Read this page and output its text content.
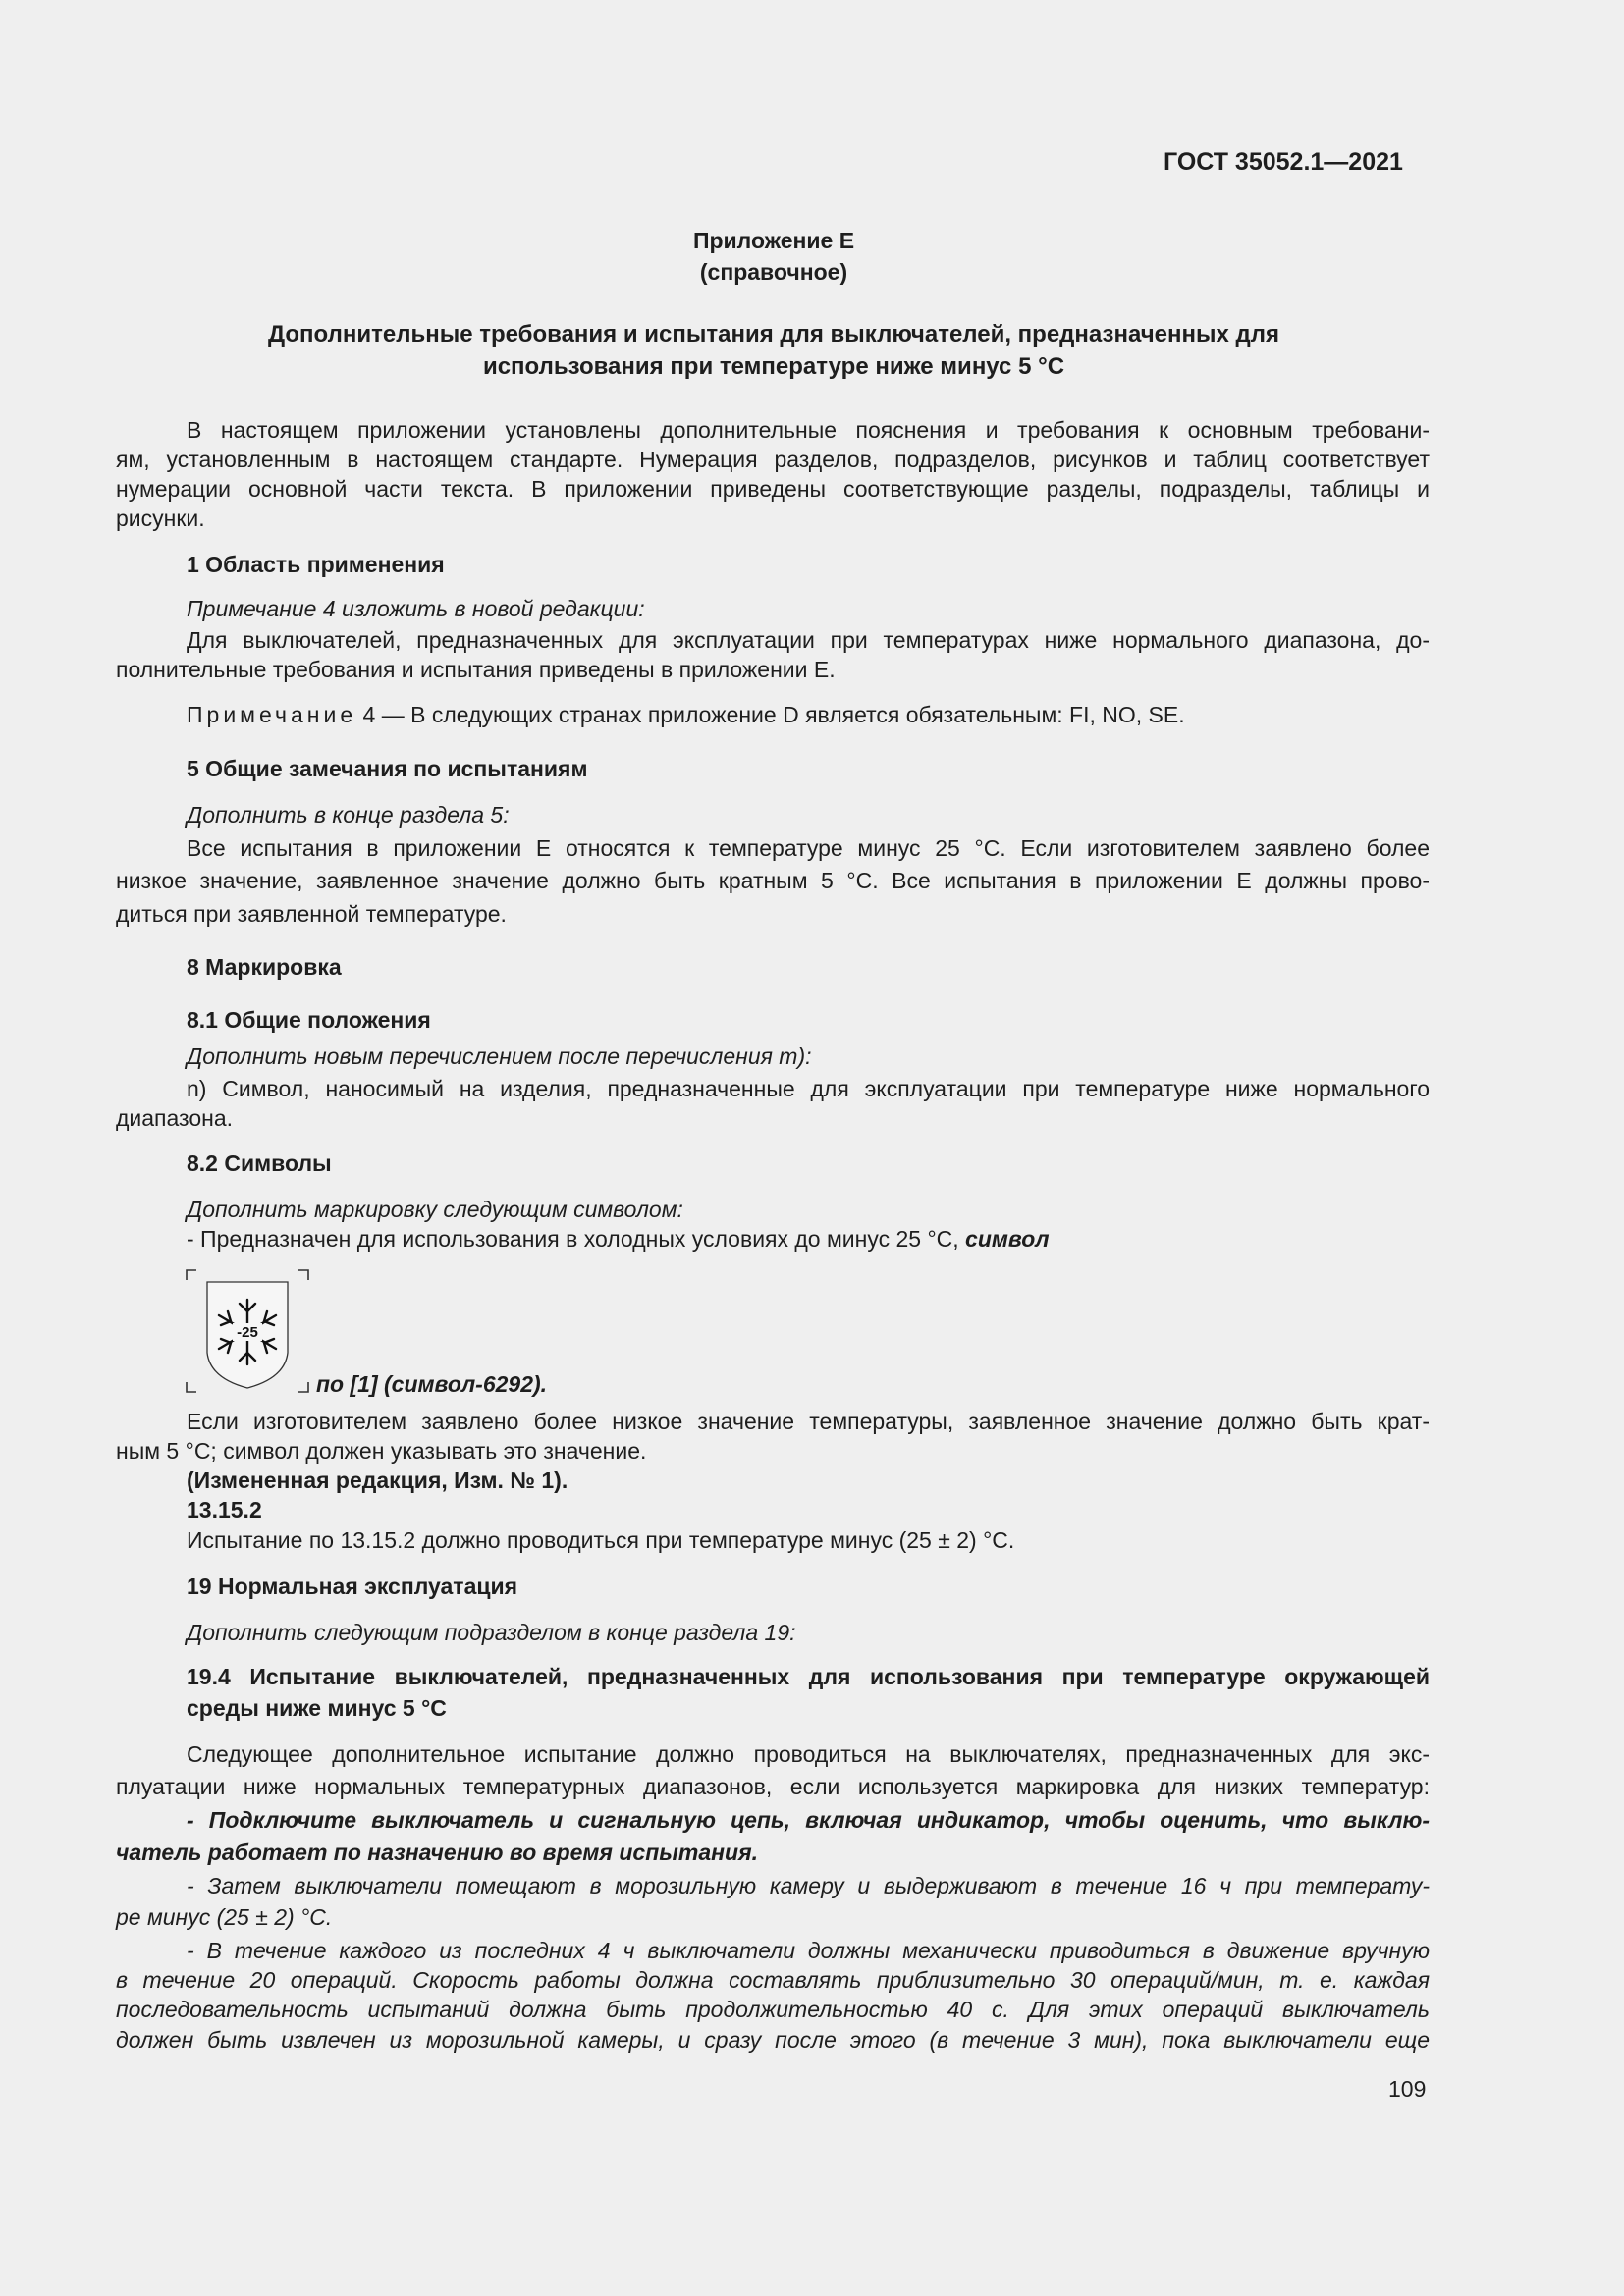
ГОСТ 35052.1—2021
Приложение Е
(справочное)
Дополнительные требования и испытания для выключателей, предназначенных для
использования при температуре ниже минус 5 °С
В настоящем приложении установлены дополнительные пояснения и требования к основным требовани-
ям, установленным в настоящем стандарте. Нумерация разделов, подразделов, рисунков и таблиц соответствует
нумерации основной части текста. В приложении приведены соответствующие разделы, подразделы, таблицы и
рисунки.
1 Область применения
Примечание 4 изложить в новой редакции:
Для выключателей, предназначенных для эксплуатации при температурах ниже нормального диапазона, до-
полнительные требования и испытания приведены в приложении Е.
Примечание 4 — В следующих странах приложение D является обязательным: FI, NO, SE.
5 Общие замечания по испытаниям
Дополнить в конце раздела 5:
Все испытания в приложении Е относятся к температуре минус 25 °С. Если изготовителем заявлено более
низкое значение, заявленное значение должно быть кратным 5 °С. Все испытания в приложении Е должны прово-
диться при заявленной температуре.
8 Маркировка
8.1 Общие положения
Дополнить новым перечислением после перечисления m):
n) Символ, наносимый на изделия, предназначенные для эксплуатации при температуре ниже нормального
диапазона.
8.2 Символы
Дополнить маркировку следующим символом:
- Предназначен для использования в холодных условиях до минус 25 °С, символ
-25
по [1] (символ-6292).
Если изготовителем заявлено более низкое значение температуры, заявленное значение должно быть крат-
ным 5 °С; символ должен указывать это значение.
(Измененная редакция, Изм. № 1).
13.15.2
Испытание по 13.15.2 должно проводиться при температуре минус (25 ± 2) °С.
19 Нормальная эксплуатация
Дополнить следующим подразделом в конце раздела 19:
19.4 Испытание выключателей, предназначенных для использования при температуре окружающей
среды ниже минус 5 °С
Следующее дополнительное испытание должно проводиться на выключателях, предназначенных для экс-
плуатации ниже нормальных температурных диапазонов, если используется маркировка для низких температур:
- Подключите выключатель и сигнальную цепь, включая индикатор, чтобы оценить, что выклю-
чатель работает по назначению во время испытания.
- Затем выключатели помещают в морозильную камеру и выдерживают в течение 16 ч при температу-
ре минус (25 ± 2) °С.
- В течение каждого из последних 4 ч выключатели должны механически приводиться в движение вручную
в течение 20 операций. Скорость работы должна составлять приблизительно 30 операций/мин, т. е. каждая
последовательность испытаний должна быть продолжительностью 40 с. Для этих операций выключатель
должен быть извлечен из морозильной камеры, и сразу после этого (в течение 3 мин), пока выключатели еще
109
